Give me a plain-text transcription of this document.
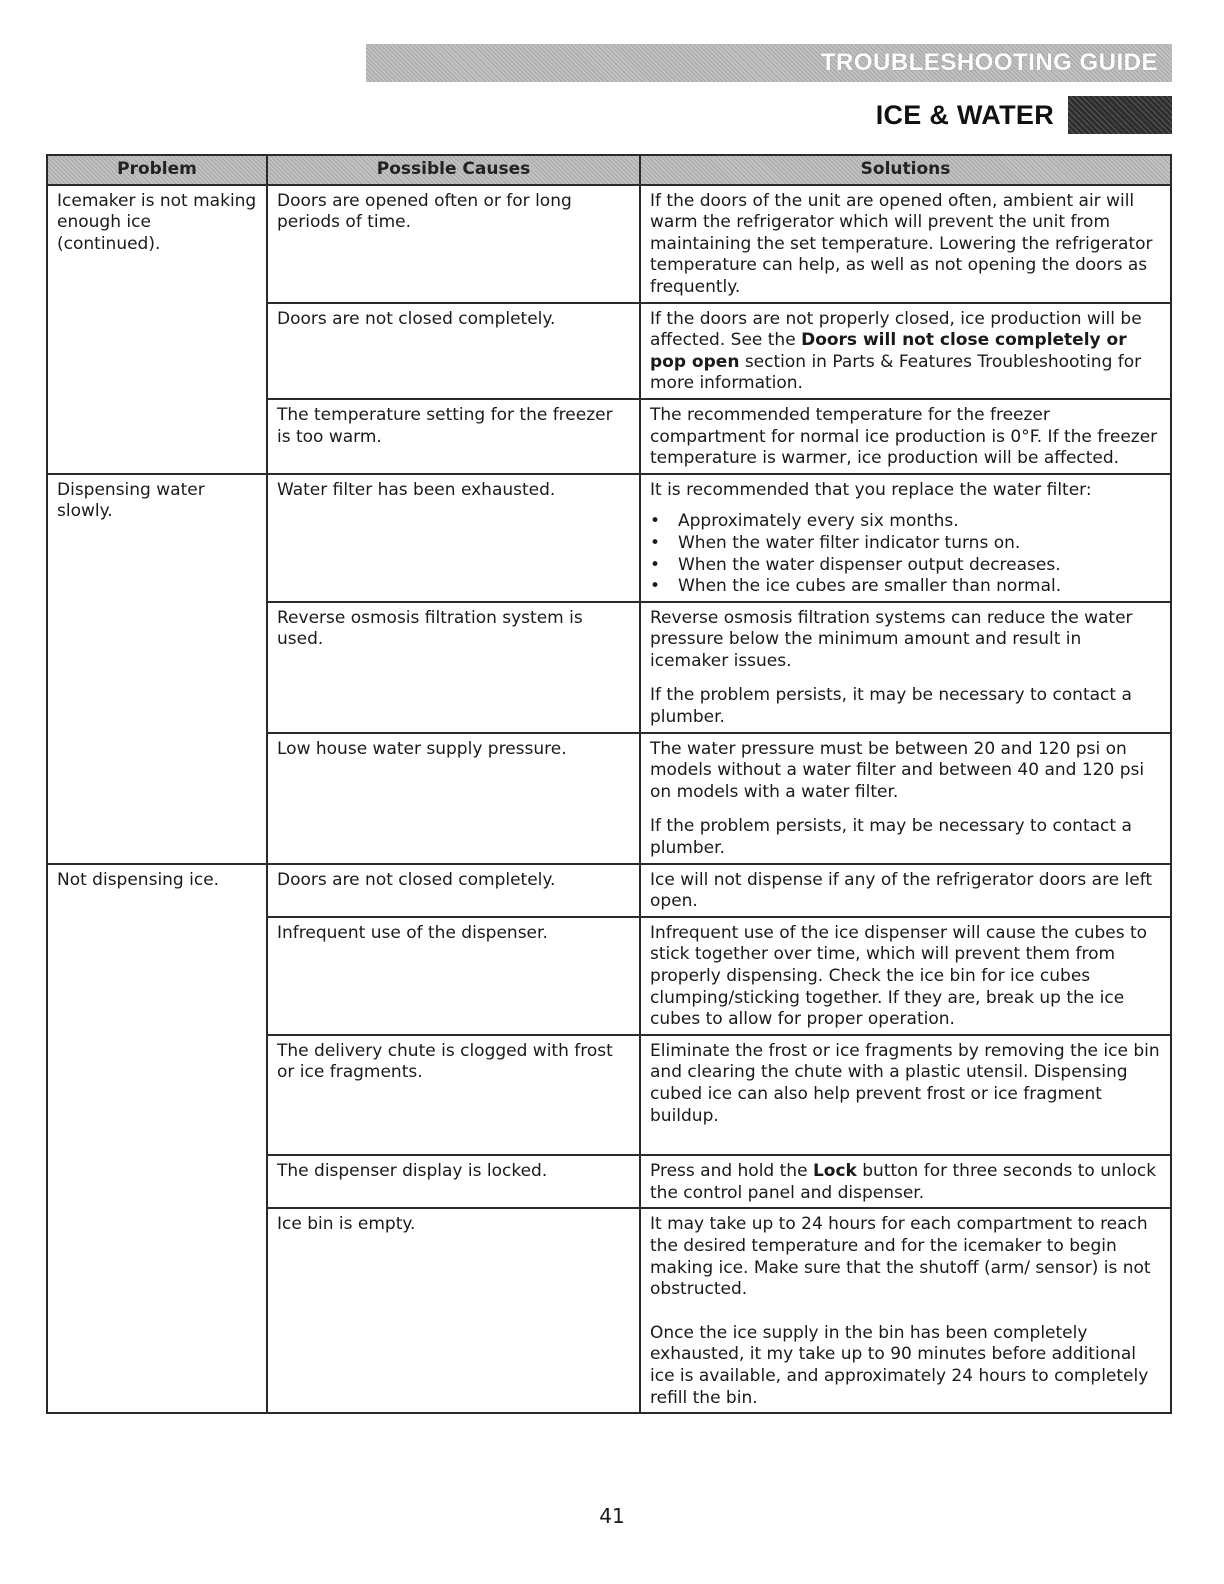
TROUBLESHOOTING GUIDE
ICE & WATER
Problem	Possible Causes	Solutions
Icemaker is not making enough ice (continued).	Doors are opened often or for long periods of time.	If the doors of the unit are opened often, ambient air will warm the refrigerator which will prevent the unit from maintaining the set temperature. Lowering the refrigerator temperature can help, as well as not opening the doors as frequently.

	Doors are not closed completely.	If the doors are not properly closed, ice production will be affected. See the Doors will not close completely or pop open section in Parts & Features Troubleshooting for more information.

	The temperature setting for the freezer is too warm.	The recommended temperature for the freezer compartment for normal ice production is 0°F. If the freezer temperature is warmer, ice production will be affected.

Dispensing water slowly.	Water filter has been exhausted.	It is recommended that you replace the water filter:

• Approximately every six months.
• When the water filter indicator turns on.
• When the water dispenser output decreases.
• When the ice cubes are smaller than normal.

	Reverse osmosis filtration system is used.	Reverse osmosis filtration systems can reduce the water pressure below the minimum amount and result in icemaker issues.

If the problem persists, it may be necessary to contact a plumber.

	Low house water supply pressure.	The water pressure must be between 20 and 120 psi on models without a water filter and between 40 and 120 psi on models with a water filter.

If the problem persists, it may be necessary to contact a plumber.

Not dispensing ice.	Doors are not closed completely.	Ice will not dispense if any of the refrigerator doors are left open.

	Infrequent use of the dispenser.	Infrequent use of the ice dispenser will cause the cubes to stick together over time, which will prevent them from properly dispensing. Check the ice bin for ice cubes clumping/sticking together. If they are, break up the ice cubes to allow for proper operation.

	The delivery chute is clogged with frost or ice fragments.	Eliminate the frost or ice fragments by removing the ice bin and clearing the chute with a plastic utensil. Dispensing cubed ice can also help prevent frost or ice fragment buildup.

	The dispenser display is locked.	Press and hold the Lock button for three seconds to unlock the control panel and dispenser.

	Ice bin is empty.	It may take up to 24 hours for each compartment to reach the desired temperature and for the icemaker to begin making ice. Make sure that the shutoff (arm/ sensor) is not obstructed.

Once the ice supply in the bin has been completely exhausted, it my take up to 90 minutes before additional ice is available, and approximately 24 hours to completely refill the bin.

41
